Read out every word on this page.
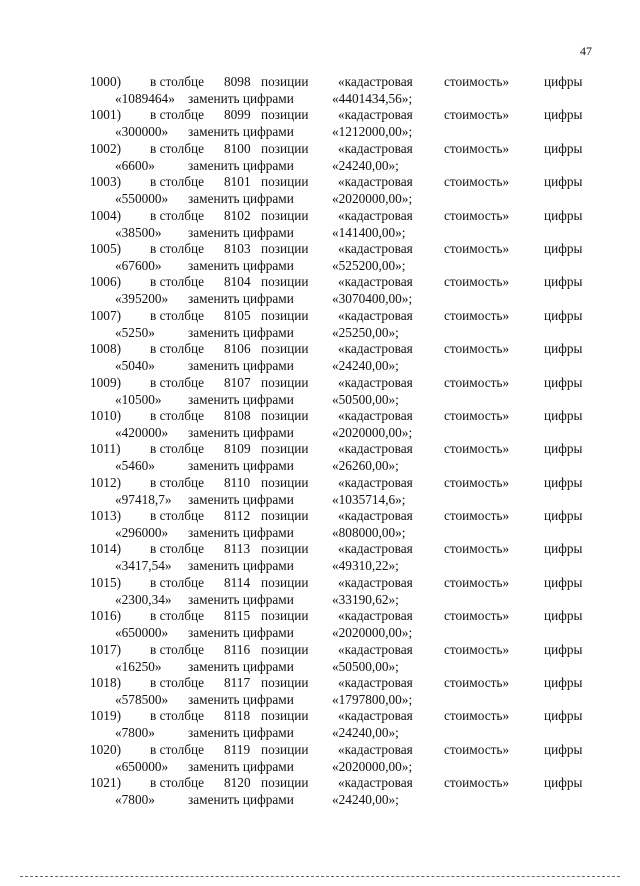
47
1000) в столбце 8098 позиции «кадастровая стоимость»	цифры
«1089464» заменить цифрами	«4401434,56»;
1001) в столбце 8099 позиции «кадастровая стоимость»	цифры
«300000» заменить цифрами	«1212000,00»;
1002) в столбце 8100 позиции «кадастровая стоимость»	цифры
«6600» заменить цифрами	«24240,00»;
1003) в столбце 8101 позиции «кадастровая стоимость»	цифры
«550000» заменить цифрами	«2020000,00»;
1004) в столбце 8102 позиции «кадастровая стоимость»	цифры
«38500» заменить цифрами	«141400,00»;
1005) в столбце 8103 позиции «кадастровая стоимость»	цифры
«67600» заменить цифрами	«525200,00»;
1006) в столбце 8104 позиции «кадастровая стоимость»	цифры
«395200» заменить цифрами	«3070400,00»;
1007) в столбце 8105 позиции «кадастровая стоимость»	цифры
«5250» заменить цифрами	«25250,00»;
1008) в столбце 8106 позиции «кадастровая стоимость»	цифры
«5040» заменить цифрами	«24240,00»;
1009) в столбце 8107 позиции «кадастровая стоимость»	цифры
«10500» заменить цифрами	«50500,00»;
1010) в столбце 8108 позиции «кадастровая стоимость»	цифры
«420000» заменить цифрами	«2020000,00»;
1011) в столбце 8109 позиции «кадастровая стоимость»	цифры
«5460» заменить цифрами	«26260,00»;
1012) в столбце 8110 позиции «кадастровая стоимость»	цифры
«97418,7» заменить цифрами	«1035714,6»;
1013) в столбце 8112 позиции «кадастровая стоимость»	цифры
«296000» заменить цифрами	«808000,00»;
1014) в столбце 8113 позиции «кадастровая стоимость»	цифры
«3417,54» заменить цифрами	«49310,22»;
1015) в столбце 8114 позиции «кадастровая стоимость»	цифры
«2300,34» заменить цифрами	«33190,62»;
1016) в столбце 8115 позиции «кадастровая стоимость»	цифры
«650000» заменить цифрами	«2020000,00»;
1017) в столбце 8116 позиции «кадастровая стоимость»	цифры
«16250» заменить цифрами	«50500,00»;
1018) в столбце 8117 позиции «кадастровая стоимость»	цифры
«578500» заменить цифрами	«1797800,00»;
1019) в столбце 8118 позиции «кадастровая стоимость»	цифры
«7800» заменить цифрами	«24240,00»;
1020) в столбце 8119 позиции «кадастровая стоимость»	цифры
«650000» заменить цифрами	«2020000,00»;
1021) в столбце 8120 позиции «кадастровая стоимость»	цифры
«7800» заменить цифрами	«24240,00»;
